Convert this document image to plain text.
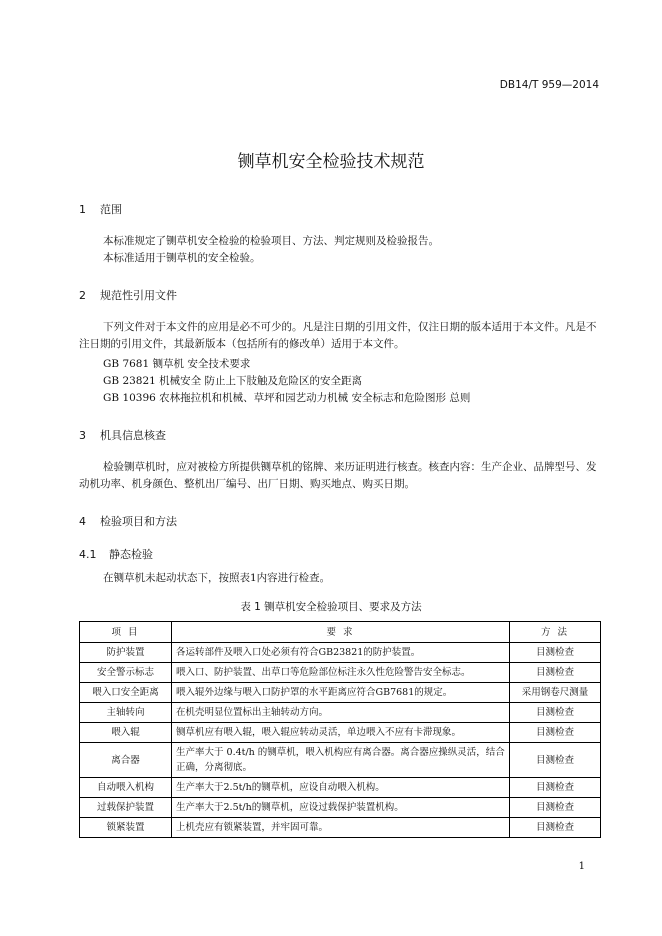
DB14/T 959—2014
铡草机安全检验技术规范
1 范围

本标准规定了铡草机安全检验的检验项目、方法、判定规则及检验报告。

本标准适用于铡草机的安全检验。

2 规范性引用文件

下列文件对于本文件的应用是必不可少的。凡是注日期的引用文件，仅注日期的版本适用于本文件。凡是不注日期的引用文件，其最新版本（包括所有的修改单）适用于本文件。

GB 7681 铡草机 安全技术要求
GB 23821 机械安全 防止上下肢触及危险区的安全距离
GB 10396 农林拖拉机和机械、草坪和园艺动力机械 安全标志和危险图形 总则
3 机具信息核查

检验铡草机时，应对被检方所提供铡草机的铭牌、来历证明进行核查。核查内容：生产企业、品牌型号、发动机功率、机身颜色、整机出厂编号、出厂日期、购买地点、购买日期。

4 检验项目和方法
4.1 静态检验

在铡草机未起动状态下，按照表1内容进行检查。

表 1 铡草机安全检验项目、要求及方法
项 目	要 求	方 法
防护装置	各运转部件及喂入口处必须有符合GB23821的防护装置。	目测检查
安全警示标志	喂入口、防护装置、出草口等危险部位标注永久性危险警告安全标志。	目测检查
喂入口安全距离	喂入辊外边缘与喂入口防护罩的水平距离应符合GB7681的规定。	采用钢卷尺测量
主轴转向	在机壳明显位置标出主轴转动方向。	目测检查
喂入辊	铡草机应有喂入辊，喂入辊应转动灵活，单边喂入不应有卡滞现象。	目测检查
离合器	生产率大于 0.4t/h 的铡草机，喂入机构应有离合器。离合器应操纵灵活，结合正确，分离彻底。	目测检查
自动喂入机构	生产率大于2.5t/h的铡草机，应设自动喂入机构。	目测检查
过载保护装置	生产率大于2.5t/h的铡草机，应设过载保护装置机构。	目测检查
锁紧装置	上机壳应有锁紧装置，并牢固可靠。	目测检查
1
